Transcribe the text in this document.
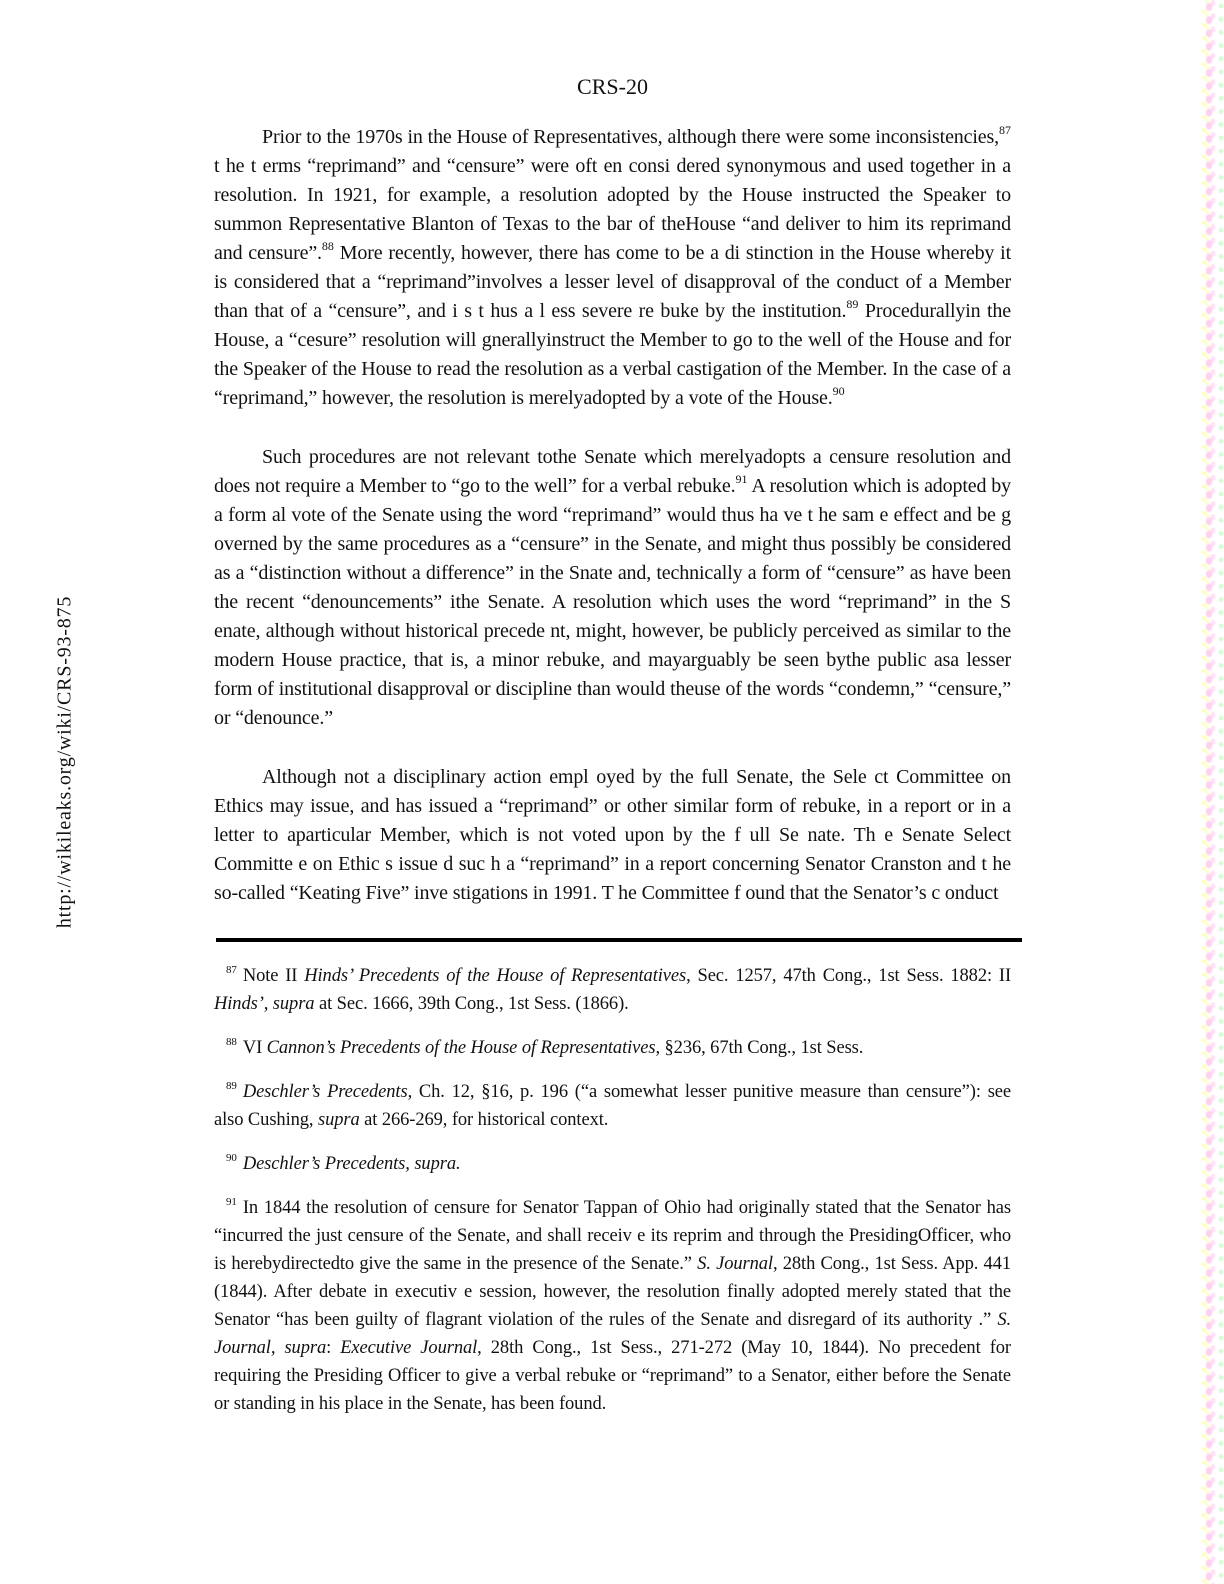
http://wikileaks.org/wiki/CRS-93-875
CRS-20

Prior to the 1970s in the House of Representatives, although there were some inconsistencies,$^{87}$ t he t erms “reprimand” and “censure” were oft en consi dered synonymous and used together in a resolution. In 1921, for example, a resolution adopted by the House instructed the Speaker to summon Representative Blanton of Texas to the bar of theHouse “and deliver to him its reprimand and censure”.$^{88}$ More recently, however, there has come to be a di stinction in the House whereby it is considered that a “reprimand”involves a lesser level of disapproval of the conduct of a Member than that of a “censure”, and i s t hus a l ess severe re buke by the institution.$^{89}$ Procedurallyin the House, a “cesure” resolution will gnerallyinstruct the Member to go to the well of the House and for the Speaker of the House to read the resolution as a verbal castigation of the Member. In the case of a “reprimand,” however, the resolution is merelyadopted by a vote of the House.$^{90}$

Such procedures are not relevant tothe Senate which merelyadopts a censure resolution and does not require a Member to “go to the well” for a verbal rebuke.$^{91}$ A resolution which is adopted by a form al vote of the Senate using the word “reprimand” would thus ha ve t he sam e effect and be g overned by the same procedures as a “censure” in the Senate, and might thus possibly be considered as a “distinction without a difference” in the Snate and, technically a form of “censure” as have been the recent “denouncements” ithe Senate. A resolution which uses the word “reprimand” in the S enate, although without historical precede nt, might, however, be publicly perceived as similar to the modern House practice, that is, a minor rebuke, and mayarguably be seen bythe public asa lesser form of institutional disapproval or discipline than would theuse of the words “condemn,” “censure,” or “denounce.”

Although not a disciplinary action empl oyed by the full Senate, the Sele ct Committee on Ethics may issue, and has issued a “reprimand” or other similar form of rebuke, in a report or in a letter to aparticular Member, which is not voted upon by the f ull Se nate. Th e Senate Select Committe e on Ethic s issue d suc h a “reprimand” in a report concerning Senator Cranston and t he so-called “Keating Five” inve stigations in 1991. T he Committee f ound that the Senator’s c onduct

$^{87}$ Note II Hinds’ Precedents of the House of Representatives, Sec. 1257, 47th Cong., 1st Sess. 1882: II Hinds’, supra at Sec. 1666, 39th Cong., 1st Sess. (1866).

$^{88}$ VI Cannon’s Precedents of the House of Representatives, §236, 67th Cong., 1st Sess.

$^{89}$ Deschler’s Precedents, Ch. 12, §16, p. 196 (“a somewhat lesser punitive measure than censure”): see also Cushing, supra at 266-269, for historical context.

$^{90}$ Deschler’s Precedents, supra.

$^{91}$ In 1844 the resolution of censure for Senator Tappan of Ohio had originally stated that the Senator has “incurred the just censure of the Senate, and shall receiv e its reprim and through the PresidingOfficer, who is herebydirectedto give the same in the presence of the Senate.” S. Journal, 28th Cong., 1st Sess. App. 441 (1844). After debate in executiv e session, however, the resolution finally adopted merely stated that the Senator “has been guilty of flagrant violation of the rules of the Senate and disregard of its authority .” S. Journal, supra: Executive Journal, 28th Cong., 1st Sess., 271-272 (May 10, 1844). No precedent for requiring the Presiding Officer to give a verbal rebuke or “reprimand” to a Senator, either before the Senate or standing in his place in the Senate, has been found.
